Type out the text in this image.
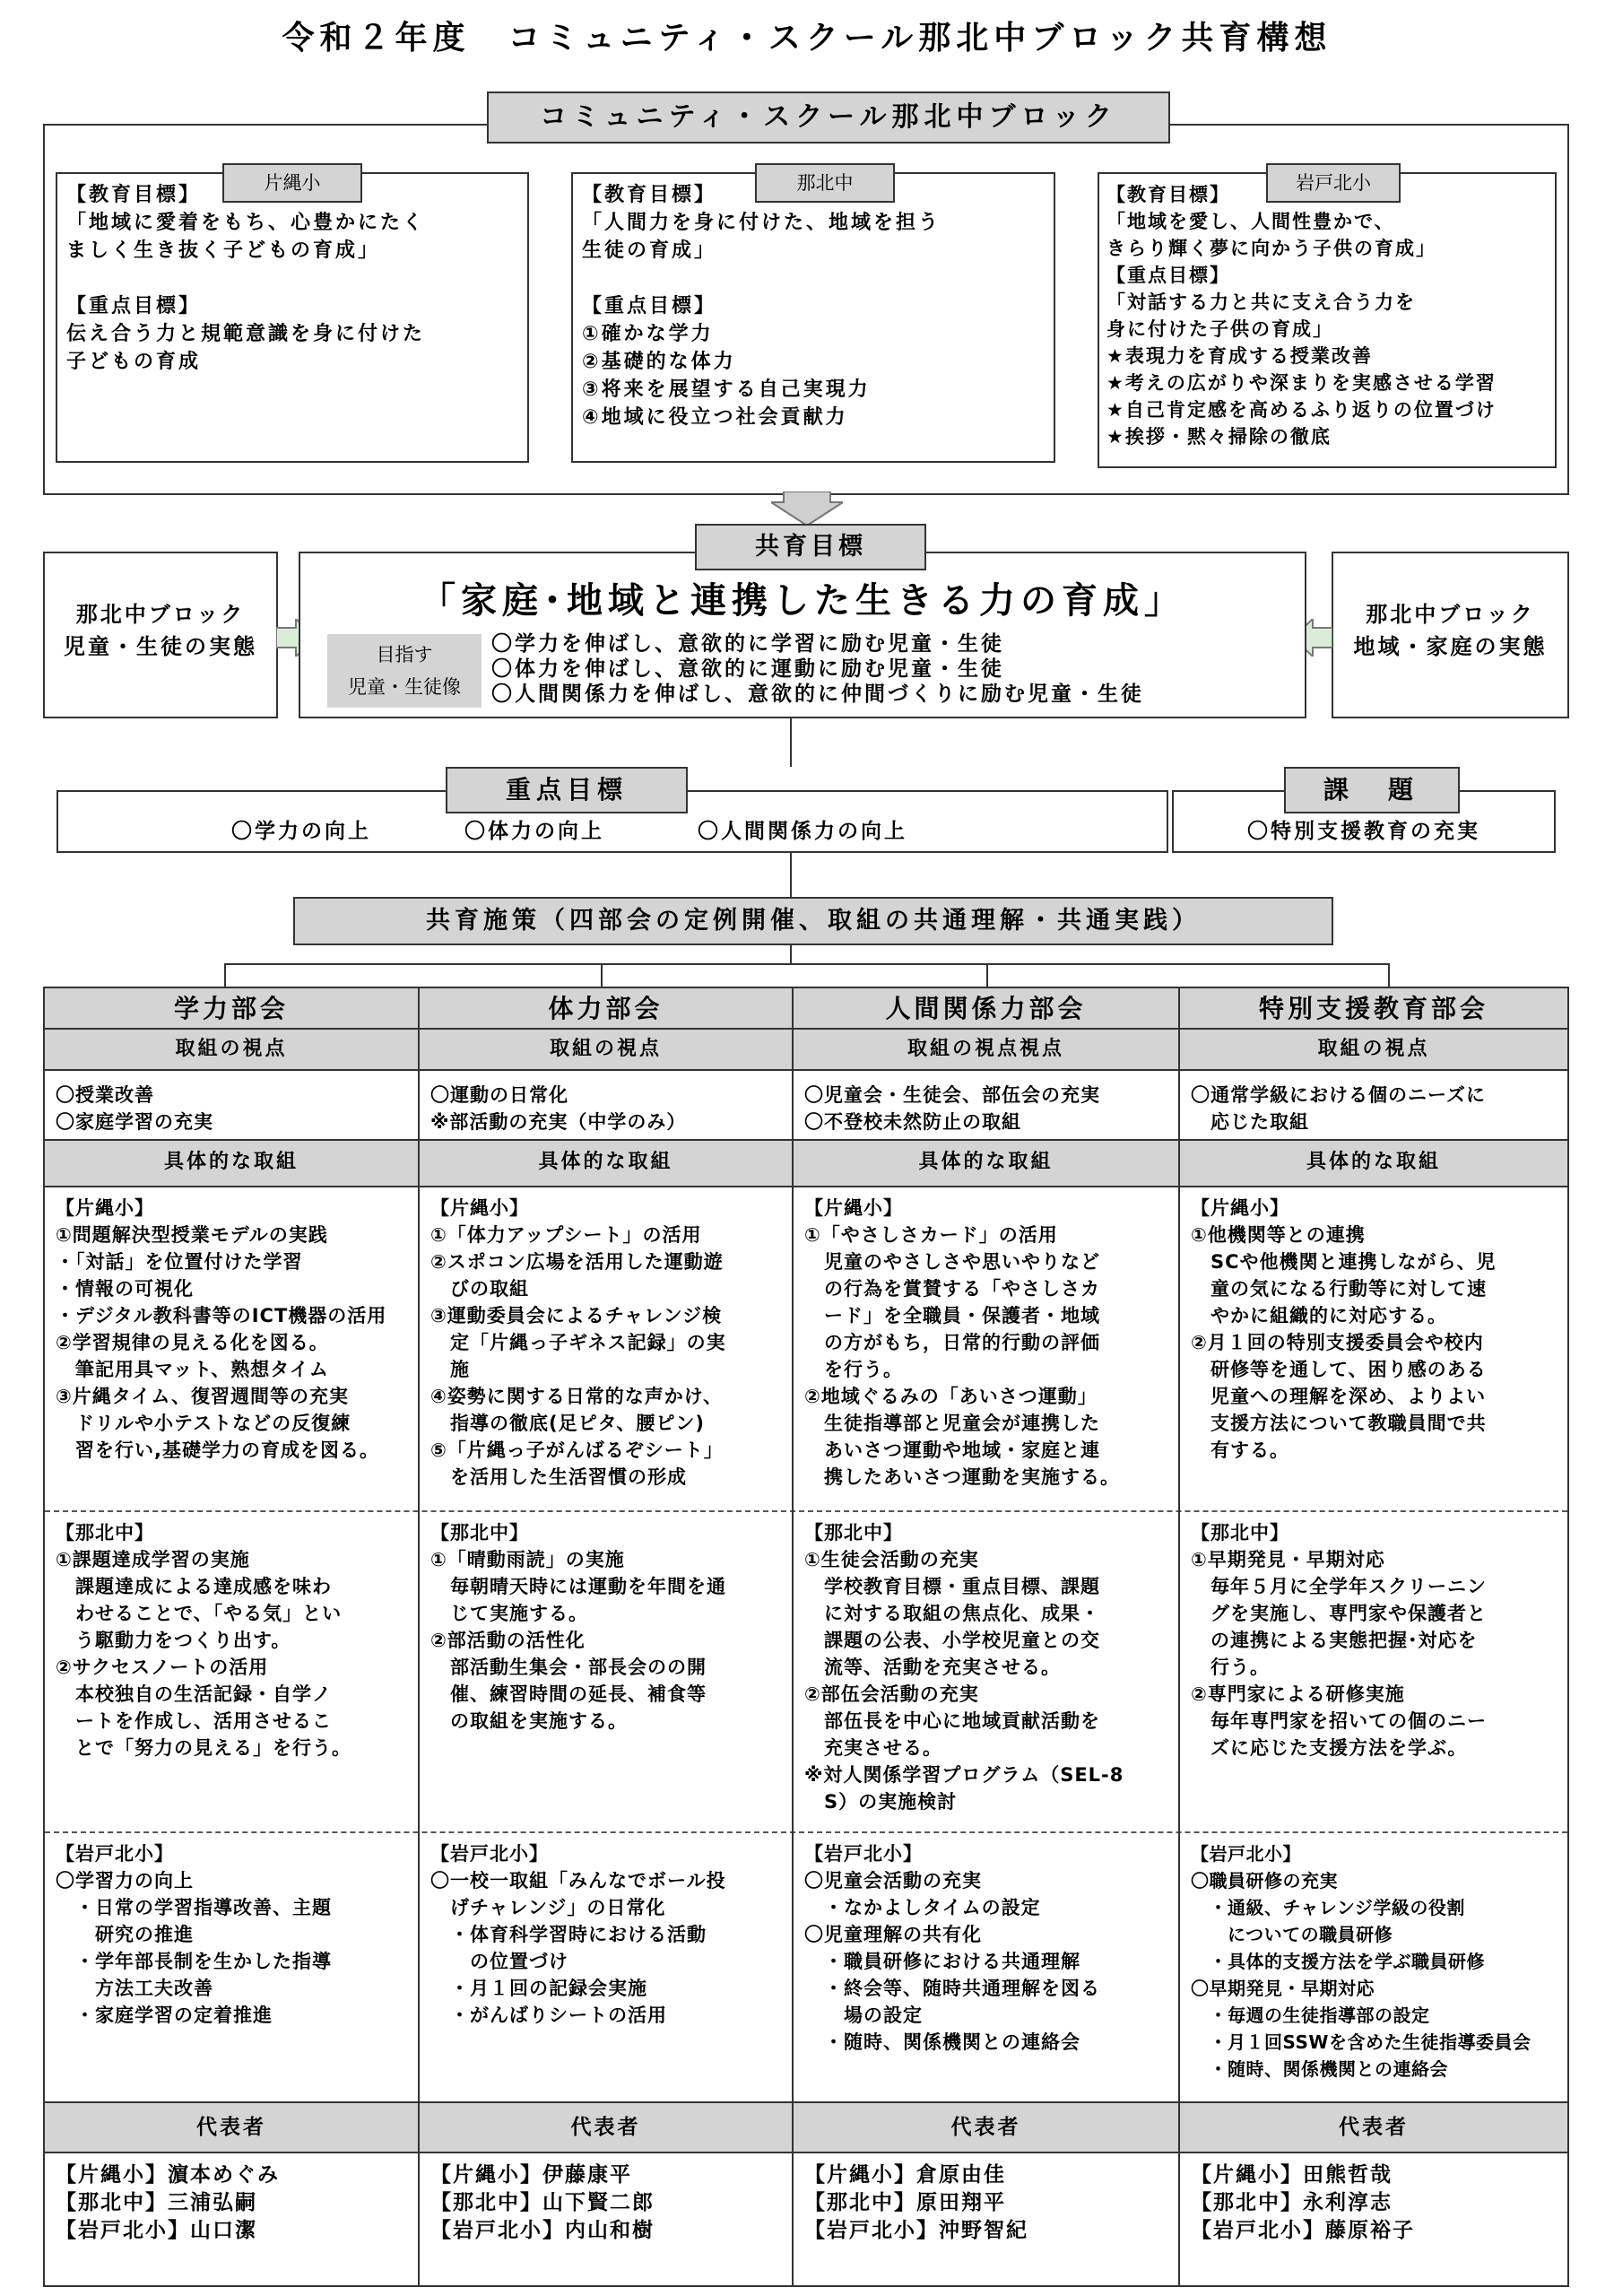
令和２年度　コミュニティ・スクール那北中ブロック共育構想
コミュニティ・スクール那北中ブロック
【教育目標】
「地域に愛着をもち、心豊かにたく
ましく生き抜く子どもの育成」

【重点目標】
伝え合う力と規範意識を身に付けた
子どもの育成
片縄小
【教育目標】
「人間力を身に付けた、地域を担う
生徒の育成」

【重点目標】
①確かな学力
②基礎的な体力
③将来を展望する自己実現力
④地域に役立つ社会貢献力
那北中
【教育目標】
「地域を愛し、人間性豊かで、
きらり輝く夢に向かう子供の育成」
【重点目標】
「対話する力と共に支え合う力を
身に付けた子供の育成」
★表現力を育成する授業改善
★考えの広がりや深まりを実感させる学習
★自己肯定感を高めるふり返りの位置づけ
★挨拶・黙々掃除の徹底
岩戸北小
那北中ブロック
児童・生徒の実態
那北中ブロック
地域・家庭の実態
共育目標
「家庭･地域と連携した生きる力の育成」
目指す
児童・生徒像
〇学力を伸ばし、意欲的に学習に励む児童・生徒
〇体力を伸ばし、意欲的に運動に励む児童・生徒
〇人間関係力を伸ばし、意欲的に仲間づくりに励む児童・生徒
重点目標
〇学力の向上　　　　〇体力の向上　　　　〇人間関係力の向上
課　題
〇特別支援教育の充実
共育施策（四部会の定例開催、取組の共通理解・共通実践）
学力部会
取組の視点
〇授業改善
〇家庭学習の充実
具体的な取組
【片縄小】
①問題解決型授業モデルの実践
・「対話」を位置付けた学習
・情報の可視化
・デジタル教科書等のICT機器の活用
②学習規律の見える化を図る。
　筆記用具マット、熟想タイム
③片縄タイム、復習週間等の充実
　ドリルや小テストなどの反復練
　習を行い,基礎学力の育成を図る。
【那北中】
①課題達成学習の実施
　課題達成による達成感を味わ
　わせることで、「やる気」とい
　う駆動力をつくり出す。
②サクセスノートの活用
　本校独自の生活記録・自学ノ
　ートを作成し、活用させるこ
　とで「努力の見える」を行う。
【岩戸北小】
〇学習力の向上
　・日常の学習指導改善、主題
　　研究の推進
　・学年部長制を生かした指導
　　方法工夫改善
　・家庭学習の定着推進
代表者
【片縄小】濵本めぐみ
【那北中】三浦弘嗣
【岩戸北小】山口潔
体力部会
取組の視点
〇運動の日常化
※部活動の充実（中学のみ）
具体的な取組
【片縄小】
①「体力アップシート」の活用
②スポコン広場を活用した運動遊
　びの取組
③運動委員会によるチャレンジ検
　定「片縄っ子ギネス記録」の実
　施
④姿勢に関する日常的な声かけ、
　指導の徹底(足ピタ、腰ピン)
⑤「片縄っ子がんばるぞシート」
　を活用した生活習慣の形成
【那北中】
①「晴動雨読」の実施
　毎朝晴天時には運動を年間を通
　じて実施する。
②部活動の活性化
　部活動生集会・部長会のの開
　催、練習時間の延長、補食等
　の取組を実施する。
【岩戸北小】
〇一校一取組「みんなでボール投
　げチャレンジ」の日常化
　・体育科学習時における活動
　　の位置づけ
　・月１回の記録会実施
　・がんばりシートの活用
代表者
【片縄小】伊藤康平
【那北中】山下賢二郎
【岩戸北小】内山和樹
人間関係力部会
取組の視点視点
〇児童会・生徒会、部伍会の充実
〇不登校未然防止の取組
具体的な取組
【片縄小】
①「やさしさカード」の活用
　児童のやさしさや思いやりなど
　の行為を賞賛する「やさしさカ
　ード」を全職員・保護者・地域
　の方がもち，日常的行動の評価
　を行う。
②地域ぐるみの「あいさつ運動」
　生徒指導部と児童会が連携した
　あいさつ運動や地域・家庭と連
　携したあいさつ運動を実施する。
【那北中】
①生徒会活動の充実
　学校教育目標・重点目標、課題
　に対する取組の焦点化、成果・
　課題の公表、小学校児童との交
　流等、活動を充実させる。
②部伍会活動の充実
　部伍長を中心に地域貢献活動を
　充実させる。
※対人関係学習プログラム（SEL-8
　S）の実施検討
【岩戸北小】
〇児童会活動の充実
　・なかよしタイムの設定
〇児童理解の共有化
　・職員研修における共通理解
　・終会等、随時共通理解を図る
　　場の設定
　・随時、関係機関との連絡会
代表者
【片縄小】倉原由佳
【那北中】原田翔平
【岩戸北小】沖野智紀
特別支援教育部会
取組の視点
〇通常学級における個のニーズに
　応じた取組
具体的な取組
【片縄小】
①他機関等との連携
　SCや他機関と連携しながら、児
　童の気になる行動等に対して速
　やかに組織的に対応する。
②月１回の特別支援委員会や校内
　研修等を通して、困り感のある
　児童への理解を深め、よりよい
　支援方法について教職員間で共
　有する。
【那北中】
①早期発見・早期対応
　毎年５月に全学年スクリーニン
　グを実施し、専門家や保護者と
　の連携による実態把握･対応を
　行う。
②専門家による研修実施
　毎年専門家を招いての個のニー
　ズに応じた支援方法を学ぶ。
【岩戸北小】
〇職員研修の充実
　・通級、チャレンジ学級の役割
　　についての職員研修
　・具体的支援方法を学ぶ職員研修
〇早期発見・早期対応
　・毎週の生徒指導部の設定
　・月１回SSWを含めた生徒指導委員会
　・随時、関係機関との連絡会
代表者
【片縄小】田熊哲哉
【那北中】永利淳志
【岩戸北小】藤原裕子
